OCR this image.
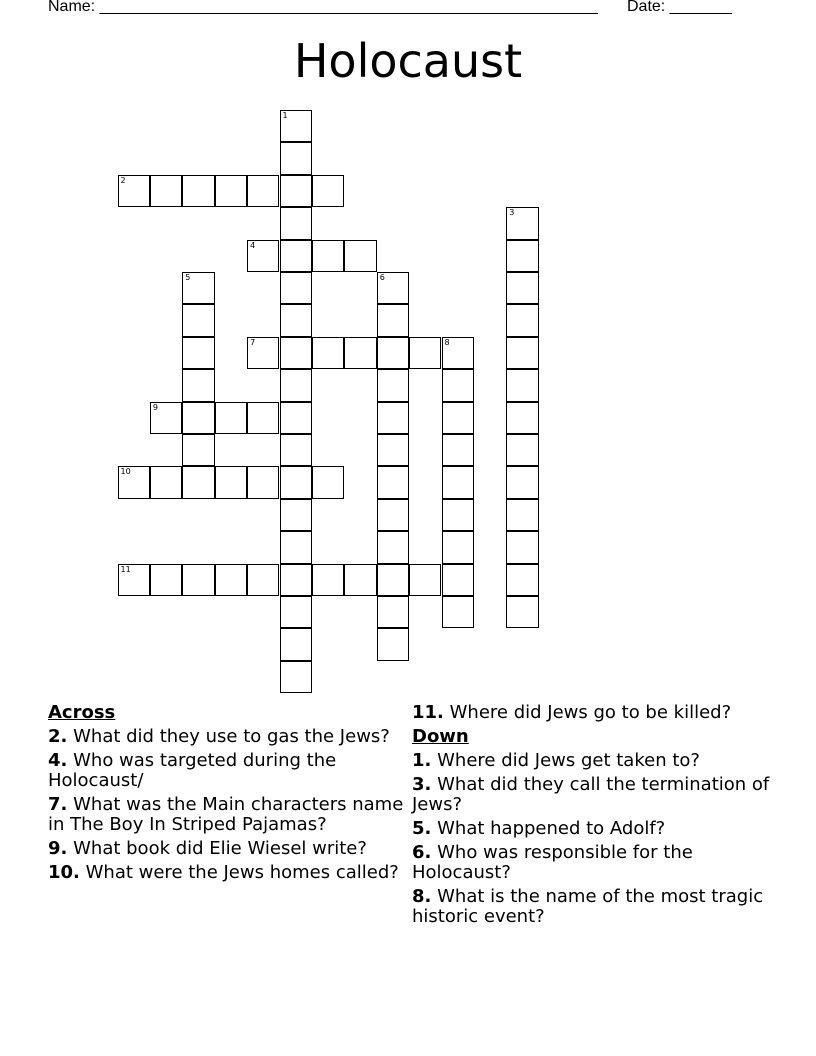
Name: ________________________________________________________ Date: _______
Holocaust
2
4
7
9
10
11
1
3
5	6
8
Across
2. What did they use to gas the Jews?
4. Who was targeted during the Holocaust/
7. What was the Main characters name in The Boy In Striped Pajamas?
9. What book did Elie Wiesel write?
10. What were the Jews homes called?
11. Where did Jews go to be killed?
Down
1. Where did Jews get taken to?
3. What did they call the termination of Jews?
5. What happened to Adolf?
6. Who was responsible for the Holocaust?
8. What is the name of the most tragic historic event?
